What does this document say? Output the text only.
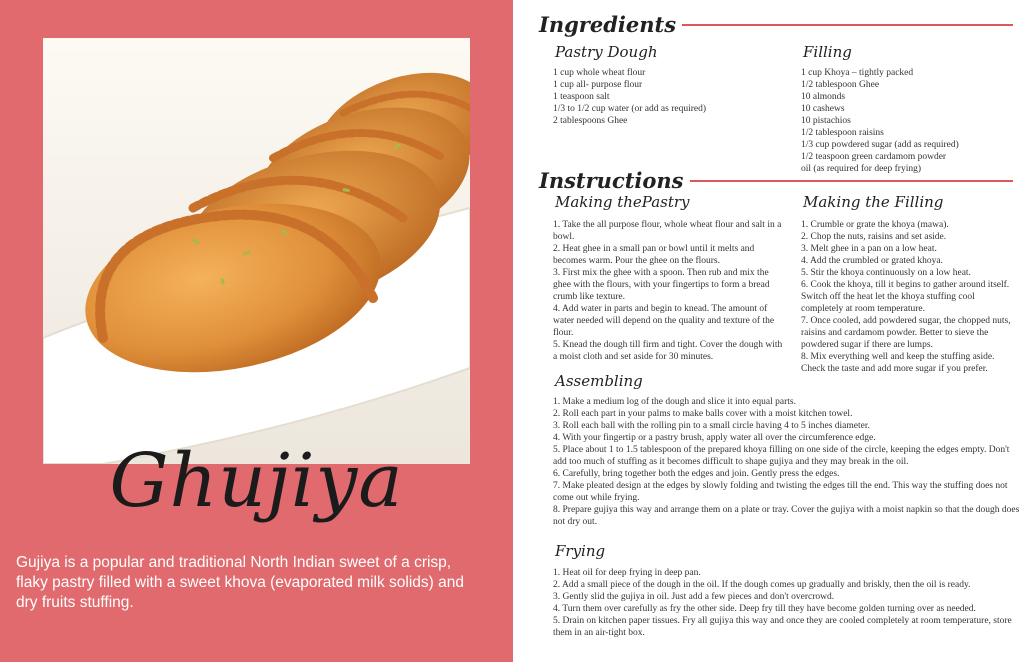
Ghujiya
Gujiya is a popular and traditional North Indian sweet of a crisp, flaky pastry filled with a sweet khova (evaporated milk solids) and dry fruits stuffing.
Ingredients
Pastry Dough
1 cup whole wheat flour
1 cup all- purpose flour
1 teaspoon salt
1/3 to 1/2 cup water (or add as required)
2 tablespoons Ghee
Filling
1 cup Khoya – tightly packed
1/2 tablespoon Ghee
10 almonds
10 cashews
10 pistachios
1/2 tablespoon raisins
1/3 cup powdered sugar (add as required)
1/2 teaspoon green cardamom powder
oil (as required for deep frying)
Instructions
Making thePastry
1. Take the all purpose flour, whole wheat flour and salt in a bowl.
2. Heat ghee in a small pan or bowl until it melts and becomes warm. Pour the ghee on the flours.
3. First mix the ghee with a spoon. Then rub and mix the ghee with the flours, with your fingertips to form a bread crumb like texture.
4. Add water in parts and begin to knead. The amount of water needed will depend on the quality and texture of the flour.
5. Knead the dough till firm and tight. Cover the dough with a moist cloth and set aside for 30 minutes.
Making the Filling
1. Crumble or grate the khoya (mawa).
2. Chop the nuts, raisins and set aside.
3. Melt ghee in a pan on a low heat.
4. Add the crumbled or grated khoya.
5. Stir the khoya continuously on a low heat.
6. Cook the khoya, till it begins to gather around itself. Switch off the heat let the khoya stuffing cool completely at room temperature.
7. Once cooled, add powdered sugar, the chopped nuts, raisins and cardamom powder. Better to sieve the powdered sugar if there are lumps.
8. Mix everything well and keep the stuffing aside. Check the taste and add more sugar if you prefer.
Assembling
1. Make a medium log of the dough and slice it into equal parts.
2. Roll each part in your palms to make balls cover with a moist kitchen towel.
3. Roll each ball with the rolling pin to a small circle having 4 to 5 inches diameter.
4. With your fingertip or a pastry brush, apply water all over the circumference edge.
5. Place about 1 to 1.5 tablespoon of the prepared khoya filling on one side of the circle, keeping the edges empty. Don't add too much of stuffing as it becomes difficult to shape gujiya and they may break in the oil.
6. Carefully, bring together both the edges and join. Gently press the edges.
7. Make pleated design at the edges by slowly folding and twisting the edges till the end. This way the stuffing does not come out while frying.
8. Prepare gujiya this way and arrange them on a plate or tray. Cover the gujiya with a moist napkin so that the dough does not dry out.
Frying
1. Heat oil for deep frying in deep pan.
2. Add a small piece of the dough in the oil. If the dough comes up gradually and briskly, then the oil is ready.
3. Gently slid the gujiya in oil. Just add a few pieces and don't overcrowd.
4. Turn them over carefully as fry the other side. Deep fry till they have become golden turning over as needed.
5. Drain on kitchen paper tissues. Fry all gujiya this way and once they are cooled completely at room temperature, store them in an air-tight box.
